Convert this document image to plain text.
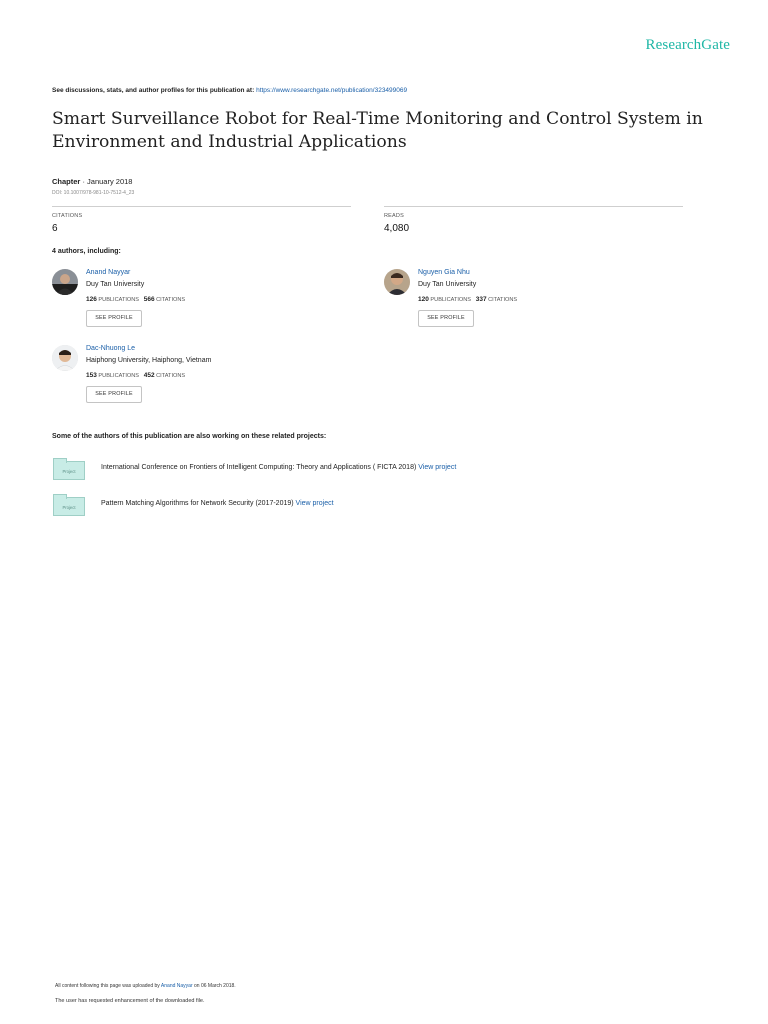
ResearchGate
See discussions, stats, and author profiles for this publication at: https://www.researchgate.net/publication/323499069
Smart Surveillance Robot for Real-Time Monitoring and Control System in Environment and Industrial Applications
Chapter · January 2018
DOI: 10.1007/978-981-10-7512-4_23
CITATIONS
6
READS
4,080
4 authors, including:
Anand Nayyar
Duy Tan University
126 PUBLICATIONS 566 CITATIONS
SEE PROFILE
Nguyen Gia Nhu
Duy Tan University
120 PUBLICATIONS 337 CITATIONS
SEE PROFILE
Dac-Nhuong Le
Haiphong University, Haiphong, Vietnam
153 PUBLICATIONS 452 CITATIONS
SEE PROFILE
Some of the authors of this publication are also working on these related projects:
Project
International Conference on Frontiers of Intelligent Computing: Theory and Applications ( FICTA 2018) View project
Project
Pattern Matching Algorithms for Network Security (2017-2019) View project
All content following this page was uploaded by Anand Nayyar on 06 March 2018.
The user has requested enhancement of the downloaded file.
